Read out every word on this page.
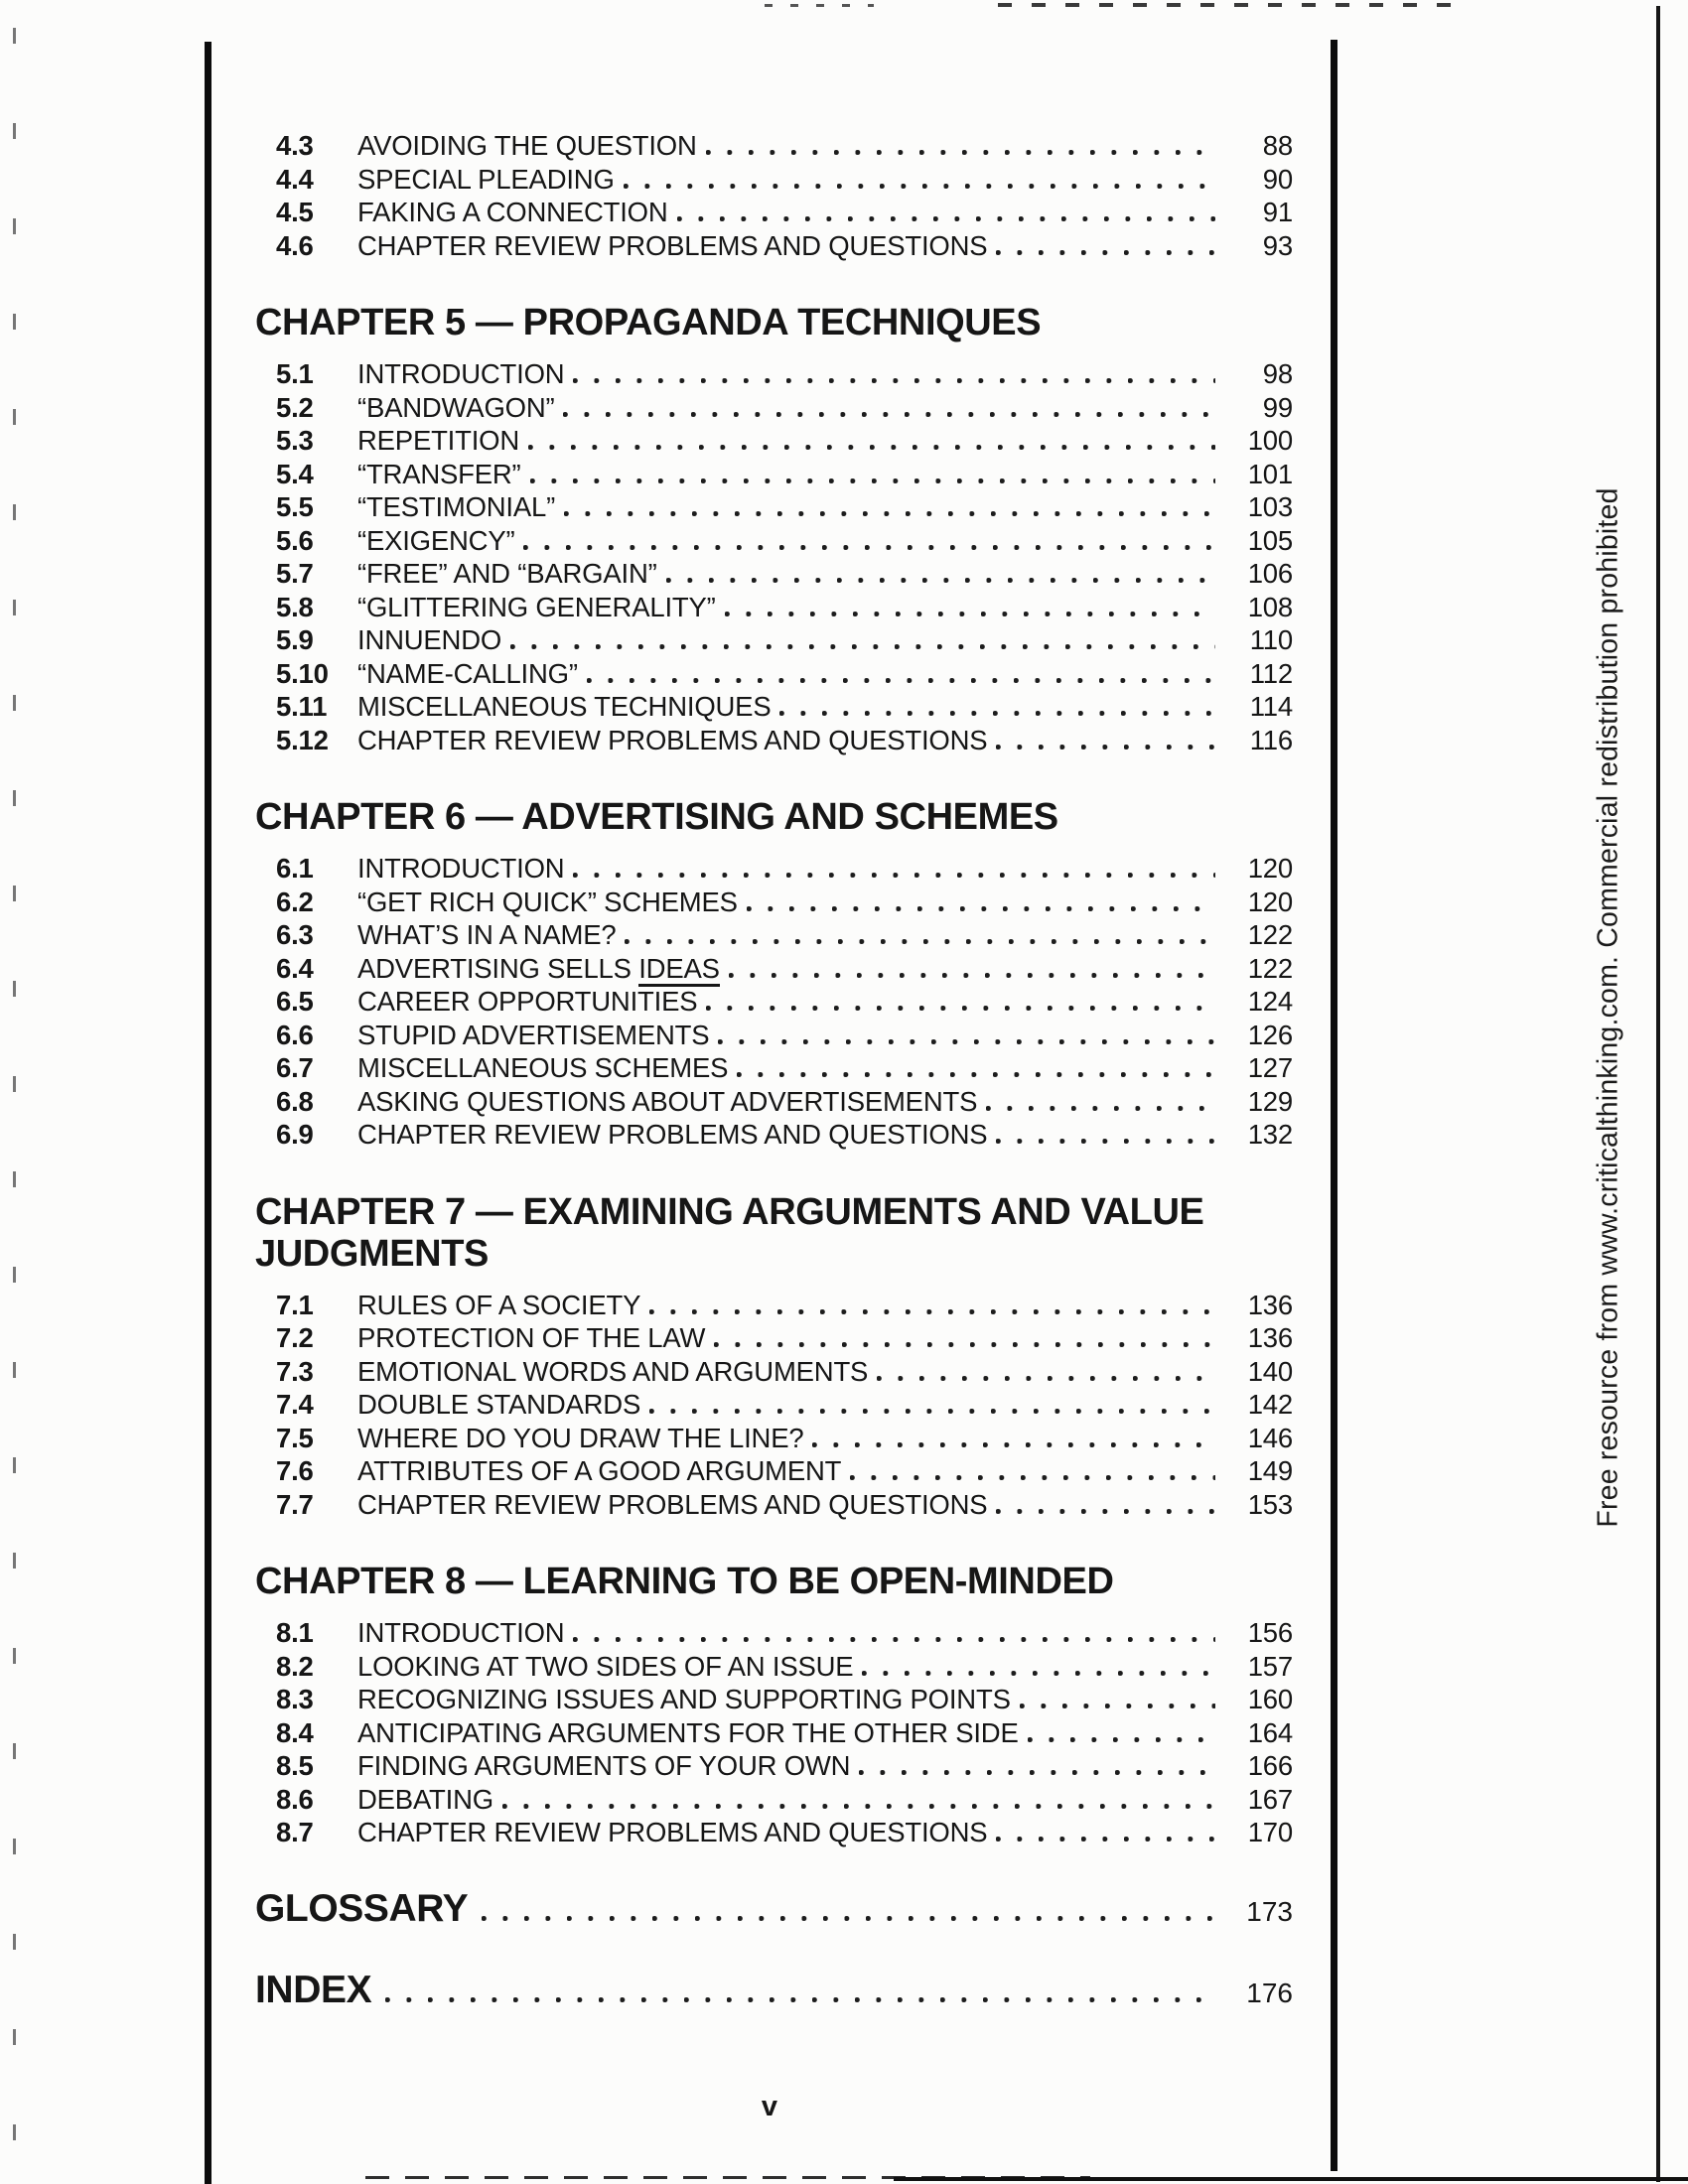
4.3	AVOIDING THE QUESTION	88
4.4	SPECIAL PLEADING	90
4.5	FAKING A CONNECTION	91
4.6	CHAPTER REVIEW PROBLEMS AND QUESTIONS	93
CHAPTER 5 — PROPAGANDA TECHNIQUES
5.1	INTRODUCTION	98
5.2	“BANDWAGON”	99
5.3	REPETITION	100
5.4	“TRANSFER”	101
5.5	“TESTIMONIAL”	103
5.6	“EXIGENCY”	105
5.7	“FREE” AND “BARGAIN”	106
5.8	“GLITTERING GENERALITY”	108
5.9	INNUENDO	110
5.10	“NAME-CALLING”	112
5.11	MISCELLANEOUS TECHNIQUES	114
5.12	CHAPTER REVIEW PROBLEMS AND QUESTIONS	116
CHAPTER 6 — ADVERTISING AND SCHEMES
6.1	INTRODUCTION	120
6.2	“GET RICH QUICK” SCHEMES	120
6.3	WHAT’S IN A NAME?	122
6.4	ADVERTISING SELLS IDEAS	122
6.5	CAREER OPPORTUNITIES	124
6.6	STUPID ADVERTISEMENTS	126
6.7	MISCELLANEOUS SCHEMES	127
6.8	ASKING QUESTIONS ABOUT ADVERTISEMENTS	129
6.9	CHAPTER REVIEW PROBLEMS AND QUESTIONS	132
CHAPTER 7 — EXAMINING ARGUMENTS AND VALUE JUDGMENTS
7.1	RULES OF A SOCIETY	136
7.2	PROTECTION OF THE LAW	136
7.3	EMOTIONAL WORDS AND ARGUMENTS	140
7.4	DOUBLE STANDARDS	142
7.5	WHERE DO YOU DRAW THE LINE?	146
7.6	ATTRIBUTES OF A GOOD ARGUMENT	149
7.7	CHAPTER REVIEW PROBLEMS AND QUESTIONS	153
CHAPTER 8 — LEARNING TO BE OPEN-MINDED
8.1	INTRODUCTION	156
8.2	LOOKING AT TWO SIDES OF AN ISSUE	157
8.3	RECOGNIZING ISSUES AND SUPPORTING POINTS	160
8.4	ANTICIPATING ARGUMENTS FOR THE OTHER SIDE	164
8.5	FINDING ARGUMENTS OF YOUR OWN	166
8.6	DEBATING	167
8.7	CHAPTER REVIEW PROBLEMS AND QUESTIONS	170
GLOSSARY	173
INDEX	176
v
Free resource from www.criticalthinking.com. Commercial redistribution prohibited
